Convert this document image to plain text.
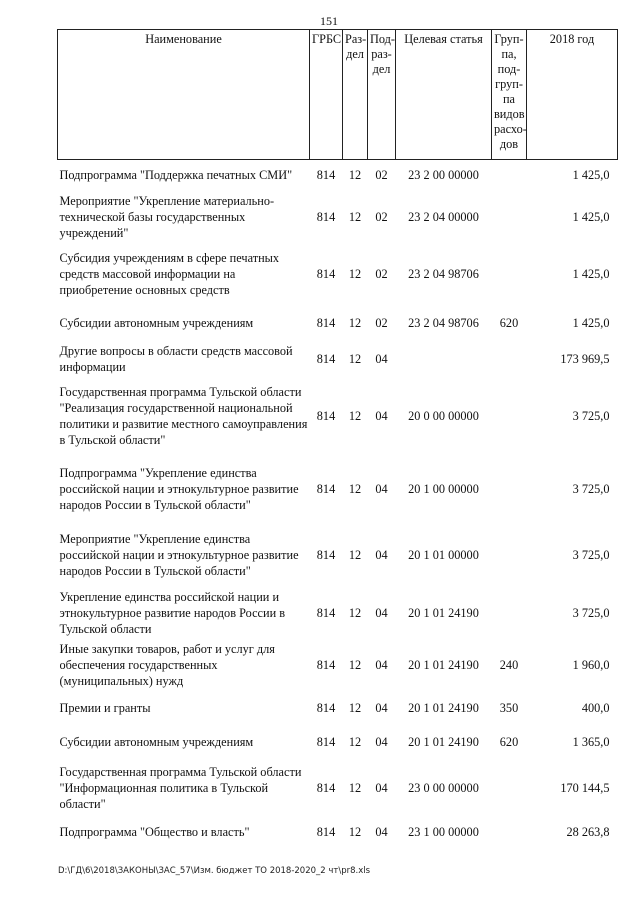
151
Наименование	ГРБС	Раз-дел	Под-раз-дел	Целевая статья	Груп-па, под-груп-па видов расхо-дов	2018 год
Подпрограмма "Поддержка печатных СМИ"	814	12	02	23 2 00 00000		1 425,0
Мероприятие "Укрепление материально-технической базы государственных учреждений"	814	12	02	23 2 04 00000		1 425,0
Субсидия учреждениям в сфере печатных средств массовой информации на приобретение основных средств	814	12	02	23 2 04 98706		1 425,0
Субсидии автономным учреждениям	814	12	02	23 2 04 98706	620	1 425,0
Другие вопросы в области средств массовой информации	814	12	04			173 969,5
Государственная программа Тульской области "Реализация государственной национальной политики и развитие местного самоуправления в Тульской области"	814	12	04	20 0 00 00000		3 725,0
Подпрограмма "Укрепление единства российской нации и этнокультурное развитие народов России в Тульской области"	814	12	04	20 1 00 00000		3 725,0
Мероприятие "Укрепление единства российской нации и этнокультурное развитие народов России в Тульской области"	814	12	04	20 1 01 00000		3 725,0
Укрепление единства российской нации и этнокультурное развитие народов России в Тульской области	814	12	04	20 1 01 24190		3 725,0
Иные закупки товаров, работ и услуг для обеспечения государственных (муниципальных) нужд	814	12	04	20 1 01 24190	240	1 960,0
Премии и гранты	814	12	04	20 1 01 24190	350	400,0
Субсидии автономным учреждениям	814	12	04	20 1 01 24190	620	1 365,0
Государственная программа Тульской области "Информационная политика в Тульской области"	814	12	04	23 0 00 00000		170 144,5
Подпрограмма "Общество и власть"	814	12	04	23 1 00 00000		28 263,8
D:\ГД\6\2018\ЗАКОНЫ\ЗАС_57\Изм. бюджет ТО 2018-2020_2 чт\pr8.xls
